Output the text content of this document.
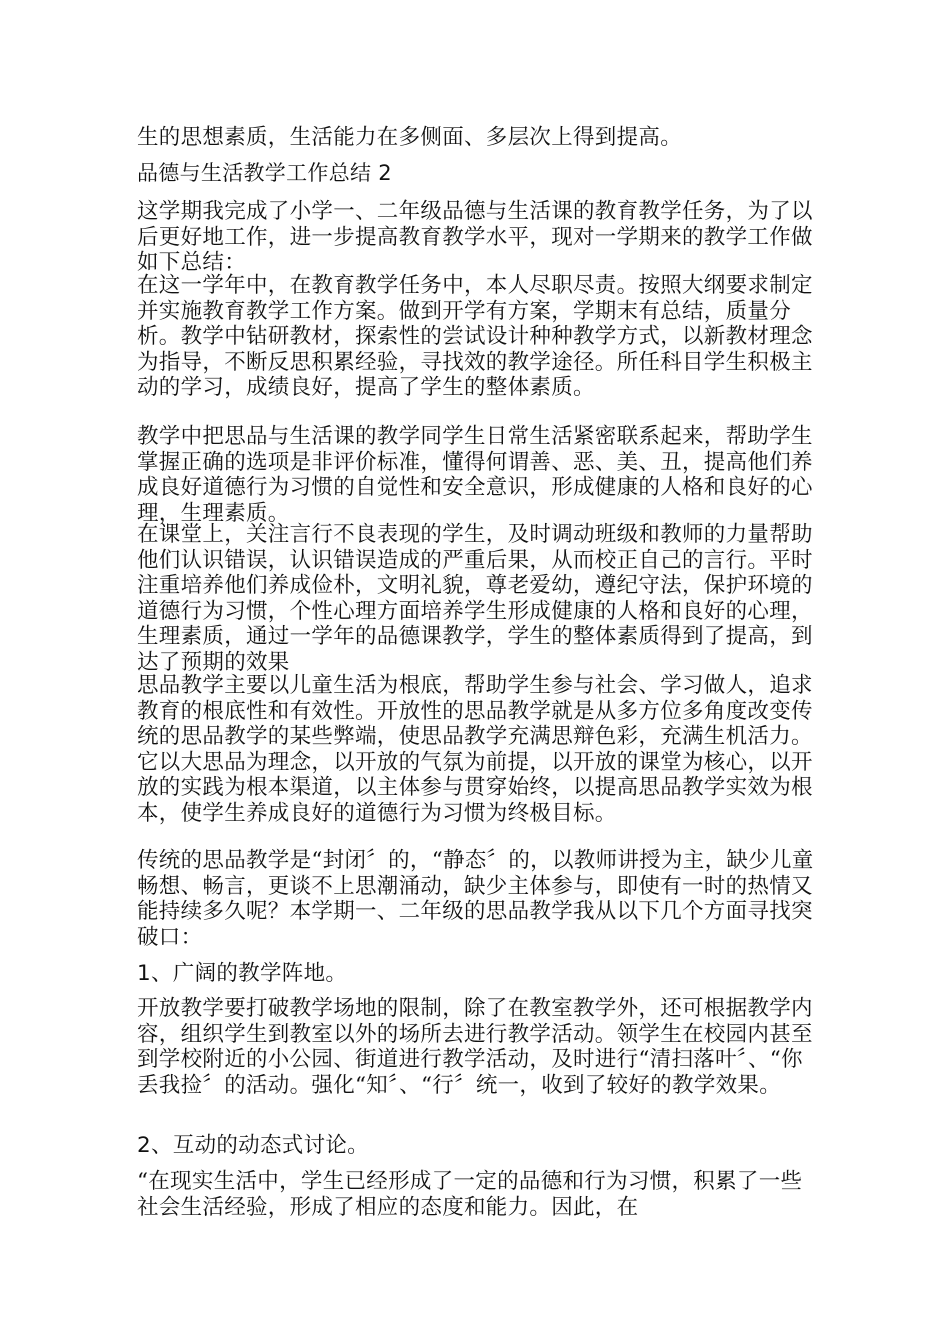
生的思想素质，生活能力在多侧面、多层次上得到提高。
品德与生活教学工作总结 2
这学期我完成了小学一、二年级品德与生活课的教育教学任务，为了以后更好地工作，进一步提高教育教学水平，现对一学期来的教学工作做如下总结：
在这一学年中，在教育教学任务中，本人尽职尽责。按照大纲要求制定并实施教育教学工作方案。做到开学有方案，学期末有总结，质量分析。教学中钻研教材，探索性的尝试设计种种教学方式，以新教材理念为指导，不断反思积累经验，寻找效的教学途径。所任科目学生积极主动的学习，成绩良好，提高了学生的整体素质。
教学中把思品与生活课的教学同学生日常生活紧密联系起来，帮助学生掌握正确的选项是非评价标准，懂得何谓善、恶、美、丑，提高他们养成良好道德行为习惯的自觉性和安全意识，形成健康的人格和良好的心理，生理素质。
在课堂上，关注言行不良表现的学生，及时调动班级和教师的力量帮助他们认识错误，认识错误造成的严重后果，从而校正自己的言行。平时注重培养他们养成俭朴，文明礼貌，尊老爱幼，遵纪守法，保护环境的道德行为习惯，个性心理方面培养学生形成健康的人格和良好的心理，生理素质，通过一学年的品德课教学，学生的整体素质得到了提高，到达了预期的效果
思品教学主要以儿童生活为根底，帮助学生参与社会、学习做人，追求教育的根底性和有效性。开放性的思品教学就是从多方位多角度改变传统的思品教学的某些弊端，使思品教学充满思辩色彩，充满生机活力。它以大思品为理念，以开放的气氛为前提，以开放的课堂为核心，以开放的实践为根本渠道，以主体参与贯穿始终，以提高思品教学实效为根本，使学生养成良好的道德行为习惯为终极目标。
传统的思品教学是“封闭〞的，“静态〞的，以教师讲授为主，缺少儿童畅想、畅言，更谈不上思潮涌动，缺少主体参与，即使有一时的热情又能持续多久呢？本学期一、二年级的思品教学我从以下几个方面寻找突破口：
1、广阔的教学阵地。
开放教学要打破教学场地的限制，除了在教室教学外，还可根据教学内容，组织学生到教室以外的场所去进行教学活动。领学生在校园内甚至到学校附近的小公园、街道进行教学活动，及时进行“清扫落叶〞、“你丢我捡〞的活动。强化“知〞、“行〞统一，收到了较好的教学效果。
2、互动的动态式讨论。
“在现实生活中，学生已经形成了一定的品德和行为习惯，积累了一些社会生活经验，形成了相应的态度和能力。因此，在
